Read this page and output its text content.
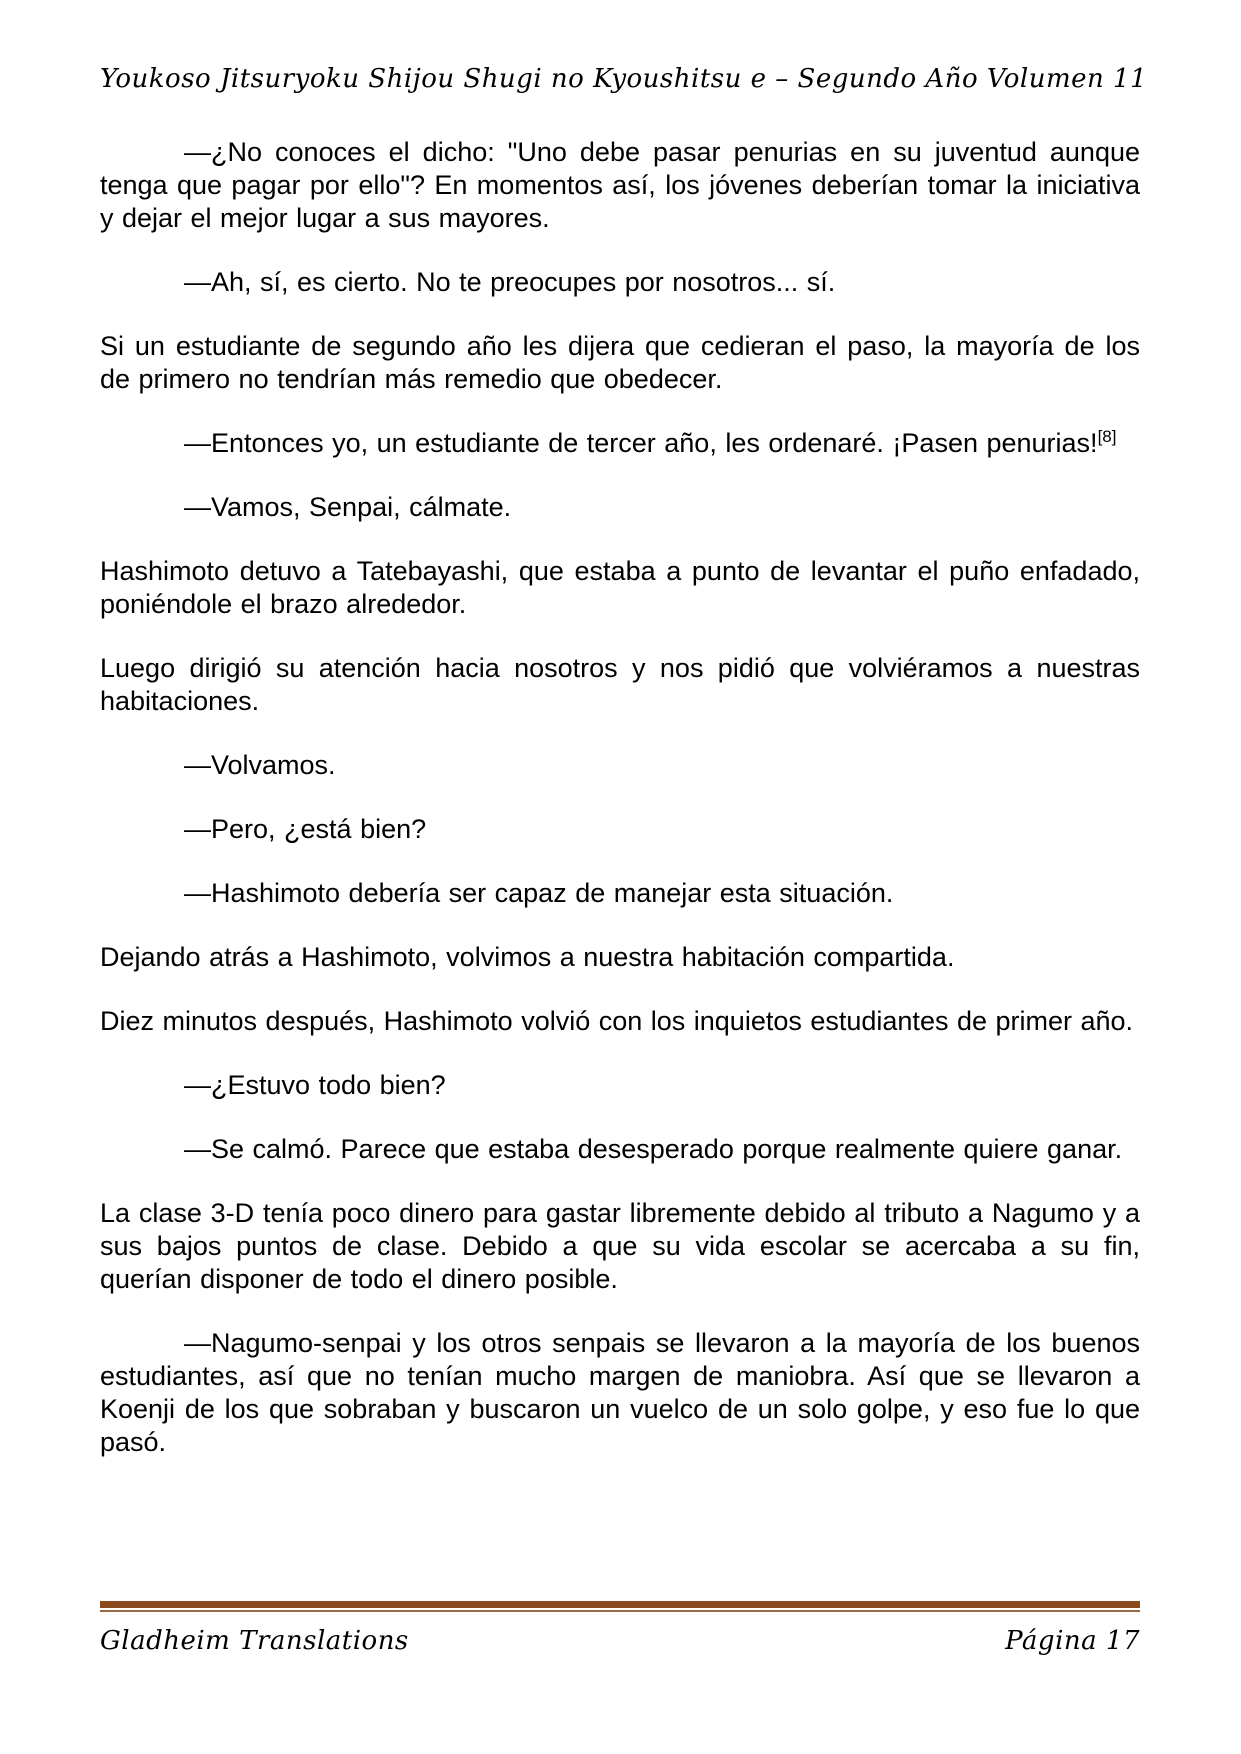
Youkoso Jitsuryoku Shijou Shugi no Kyoushitsu e – Segundo Año Volumen 11

—¿No conoces el dicho: "Uno debe pasar penurias en su juventud aunque tenga que pagar por ello"? En momentos así, los jóvenes deberían tomar la iniciativa y dejar el mejor lugar a sus mayores.

—Ah, sí, es cierto. No te preocupes por nosotros... sí.

Si un estudiante de segundo año les dijera que cedieran el paso, la mayoría de los de primero no tendrían más remedio que obedecer.

—Entonces yo, un estudiante de tercer año, les ordenaré. ¡Pasen penurias![8]

—Vamos, Senpai, cálmate.

Hashimoto detuvo a Tatebayashi, que estaba a punto de levantar el puño enfadado, poniéndole el brazo alrededor.

Luego dirigió su atención hacia nosotros y nos pidió que volviéramos a nuestras habitaciones.

—Volvamos.

—Pero, ¿está bien?

—Hashimoto debería ser capaz de manejar esta situación.

Dejando atrás a Hashimoto, volvimos a nuestra habitación compartida.

Diez minutos después, Hashimoto volvió con los inquietos estudiantes de primer año.

—¿Estuvo todo bien?

—Se calmó. Parece que estaba desesperado porque realmente quiere ganar.

La clase 3-D tenía poco dinero para gastar libremente debido al tributo a Nagumo y a sus bajos puntos de clase. Debido a que su vida escolar se acercaba a su fin, querían disponer de todo el dinero posible.

—Nagumo-senpai y los otros senpais se llevaron a la mayoría de los buenos estudiantes, así que no tenían mucho margen de maniobra. Así que se llevaron a Koenji de los que sobraban y buscaron un vuelco de un solo golpe, y eso fue lo que pasó.

Gladheim Translations	Página 17
